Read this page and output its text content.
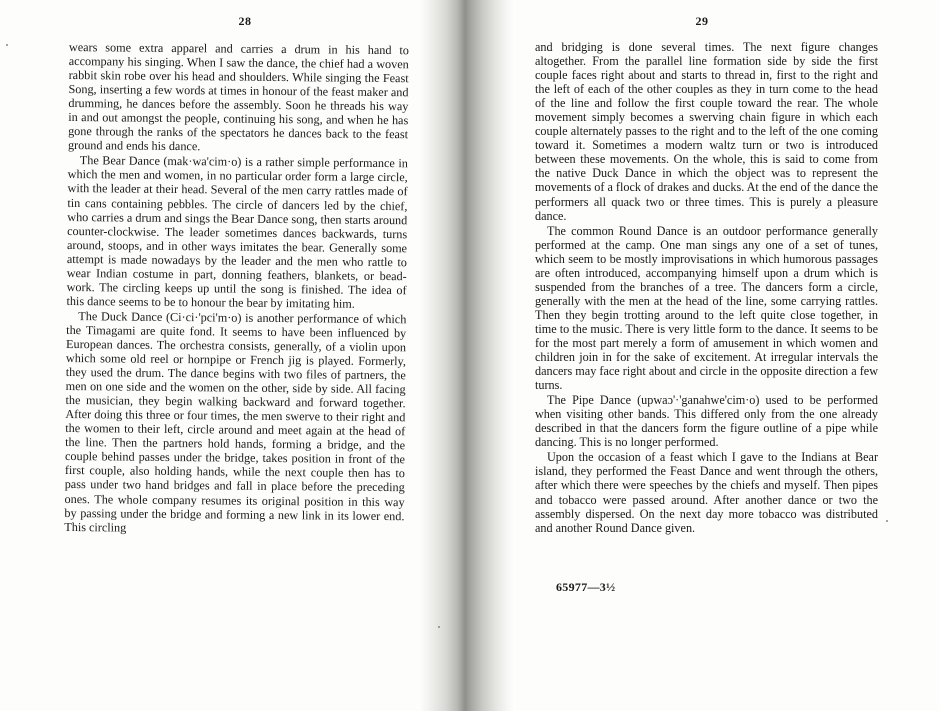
28	29

wears some extra apparel and carries a drum in his hand to accompany his singing. When I saw the dance, the chief had a woven rabbit skin robe over his head and shoulders. While singing the Feast Song, inserting a few words at times in honour of the feast maker and drumming, he dances before the assembly. Soon he threads his way in and out amongst the people, continuing his song, and when he has gone through the ranks of the spectators he dances back to the feast ground and ends his dance.

The Bear Dance (mak·wa'cim·o) is a rather simple performance in which the men and women, in no particular order form a large circle, with the leader at their head. Several of the men carry rattles made of tin cans containing pebbles. The circle of dancers led by the chief, who carries a drum and sings the Bear Dance song, then starts around counter-clockwise. The leader sometimes dances backwards, turns around, stoops, and in other ways imitates the bear. Generally some attempt is made nowadays by the leader and the men who rattle to wear Indian costume in part, donning feathers, blankets, or bead-work. The circling keeps up until the song is finished. The idea of this dance seems to be to honour the bear by imitating him.

The Duck Dance (Ci·ci·'pci'm·o) is another performance of which the Timagami are quite fond. It seems to have been influenced by European dances. The orchestra consists, generally, of a violin upon which some old reel or hornpipe or French jig is played. Formerly, they used the drum. The dance begins with two files of partners, the men on one side and the women on the other, side by side. All facing the musician, they begin walking backward and forward together. After doing this three or four times, the men swerve to their right and the women to their left, circle around and meet again at the head of the line. Then the partners hold hands, forming a bridge, and the couple behind passes under the bridge, takes position in front of the first couple, also holding hands, while the next couple then has to pass under two hand bridges and fall in place before the preceding ones. The whole company resumes its original position in this way by passing under the bridge and forming a new link in its lower end. This circling

and bridging is done several times. The next figure changes altogether. From the parallel line formation side by side the first couple faces right about and starts to thread in, first to the right and the left of each of the other couples as they in turn come to the head of the line and follow the first couple toward the rear. The whole movement simply becomes a swerving chain figure in which each couple alternately passes to the right and to the left of the one coming toward it. Sometimes a modern waltz turn or two is introduced between these movements. On the whole, this is said to come from the native Duck Dance in which the object was to represent the movements of a flock of drakes and ducks. At the end of the dance the performers all quack two or three times. This is purely a pleasure dance.

The common Round Dance is an outdoor performance generally performed at the camp. One man sings any one of a set of tunes, which seem to be mostly improvisations in which humorous passages are often introduced, accompanying himself upon a drum which is suspended from the branches of a tree. The dancers form a circle, generally with the men at the head of the line, some carrying rattles. Then they begin trotting around to the left quite close together, in time to the music. There is very little form to the dance. It seems to be for the most part merely a form of amusement in which women and children join in for the sake of excitement. At irregular intervals the dancers may face right about and circle in the opposite direction a few turns.

The Pipe Dance (upwaɔ'·'ganahwe'cim·o) used to be performed when visiting other bands. This differed only from the one already described in that the dancers form the figure outline of a pipe while dancing. This is no longer performed.

Upon the occasion of a feast which I gave to the Indians at Bear island, they performed the Feast Dance and went through the others, after which there were speeches by the chiefs and myself. Then pipes and tobacco were passed around. After another dance or two the assembly dispersed. On the next day more tobacco was distributed and another Round Dance given.

65977—3½
